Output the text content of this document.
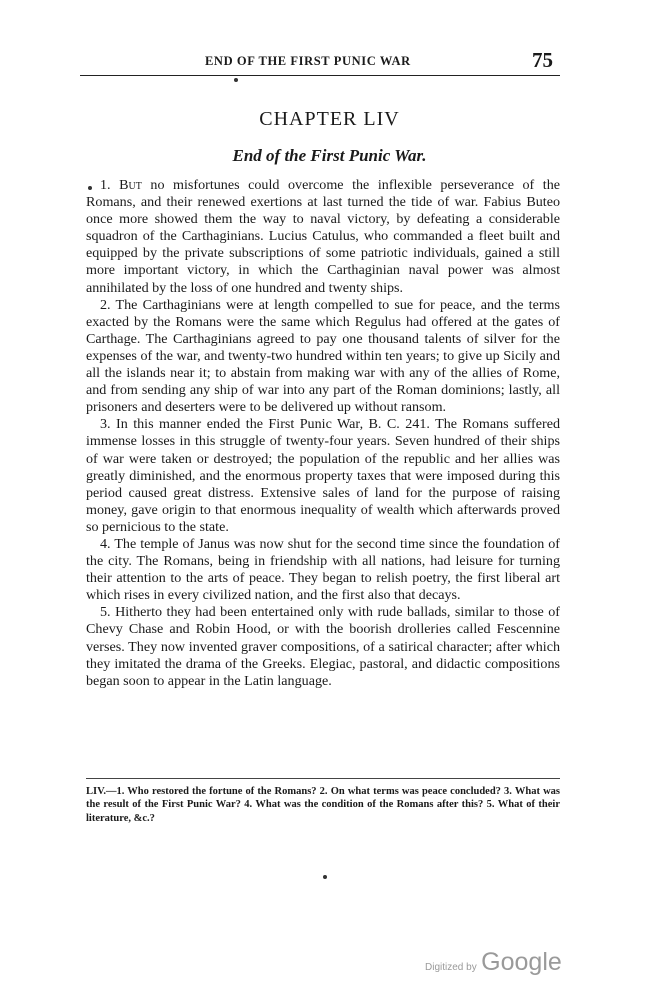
END OF THE FIRST PUNIC WAR	75
CHAPTER LIV
End of the First Punic War.

1. But no misfortunes could overcome the inflexible perseverance of the Romans, and their renewed exertions at last turned the tide of war. Fabius Buteo once more showed them the way to naval victory, by defeating a considerable squadron of the Carthaginians. Lucius Catulus, who commanded a fleet built and equipped by the private subscriptions of some patriotic individuals, gained a still more important victory, in which the Carthaginian naval power was almost annihilated by the loss of one hundred and twenty ships.

2. The Carthaginians were at length compelled to sue for peace, and the terms exacted by the Romans were the same which Regulus had offered at the gates of Carthage. The Carthaginians agreed to pay one thousand talents of silver for the expenses of the war, and twenty-two hundred within ten years; to give up Sicily and all the islands near it; to abstain from making war with any of the allies of Rome, and from sending any ship of war into any part of the Roman dominions; lastly, all prisoners and deserters were to be delivered up without ransom.

3. In this manner ended the First Punic War, B. C. 241. The Romans suffered immense losses in this struggle of twenty-four years. Seven hundred of their ships of war were taken or destroyed; the population of the republic and her allies was greatly diminished, and the enormous property taxes that were imposed during this period caused great distress. Extensive sales of land for the purpose of raising money, gave origin to that enormous inequality of wealth which afterwards proved so pernicious to the state.

4. The temple of Janus was now shut for the second time since the foundation of the city. The Romans, being in friendship with all nations, had leisure for turning their attention to the arts of peace. They began to relish poetry, the first liberal art which rises in every civilized nation, and the first also that decays.

5. Hitherto they had been entertained only with rude ballads, similar to those of Chevy Chase and Robin Hood, or with the boorish drolleries called Fescennine verses. They now invented graver compositions, of a satirical character; after which they imitated the drama of the Greeks. Elegiac, pastoral, and didactic compositions began soon to appear in the Latin language.

LIV.—1. Who restored the fortune of the Romans? 2. On what terms was peace concluded? 3. What was the result of the First Punic War? 4. What was the condition of the Romans after this? 5. What of their literature, &c.?
Digitized by Google
